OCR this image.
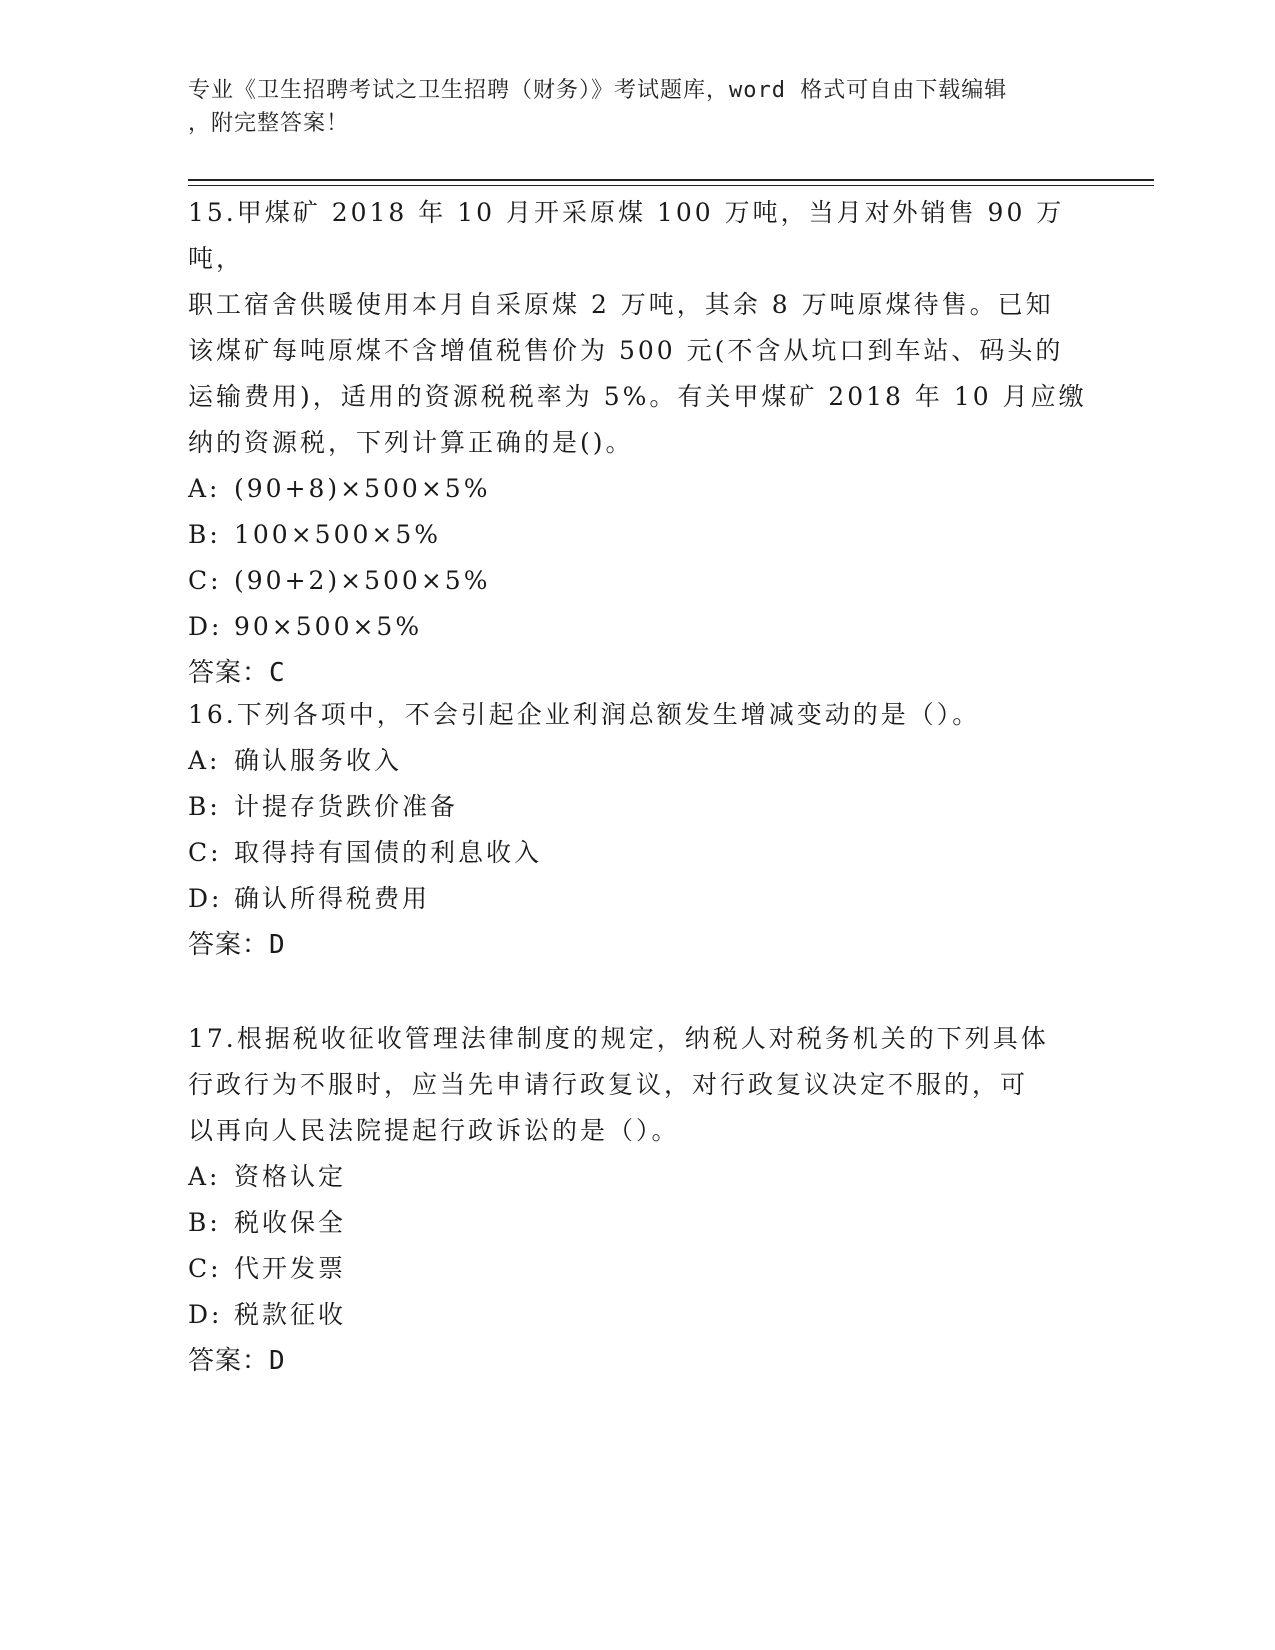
专业《卫生招聘考试之卫生招聘（财务）》考试题库，word 格式可自由下载编辑
，附完整答案！

15.甲煤矿 2018 年 10 月开采原煤 100 万吨，当月对外销售 90 万吨，

职工宿舍供暖使用本月自采原煤 2 万吨，其余 8 万吨原煤待售。已知

该煤矿每吨原煤不含增值税售价为 500 元(不含从坑口到车站、码头的

运输费用)，适用的资源税税率为 5%。有关甲煤矿 2018 年 10 月应缴

纳的资源税，下列计算正确的是()。

A: (90+8)×500×5%

B: 100×500×5%

C: (90+2)×500×5%

D: 90×500×5%

答案：C

16.下列各项中，不会引起企业利润总额发生增减变动的是（）。

A: 确认服务收入

B: 计提存货跌价准备

C: 取得持有国债的利息收入

D: 确认所得税费用

答案：D

17.根据税收征收管理法律制度的规定，纳税人对税务机关的下列具体

行政行为不服时，应当先申请行政复议，对行政复议决定不服的，可

以再向人民法院提起行政诉讼的是（）。

A: 资格认定

B: 税收保全

C: 代开发票

D: 税款征收

答案：D
